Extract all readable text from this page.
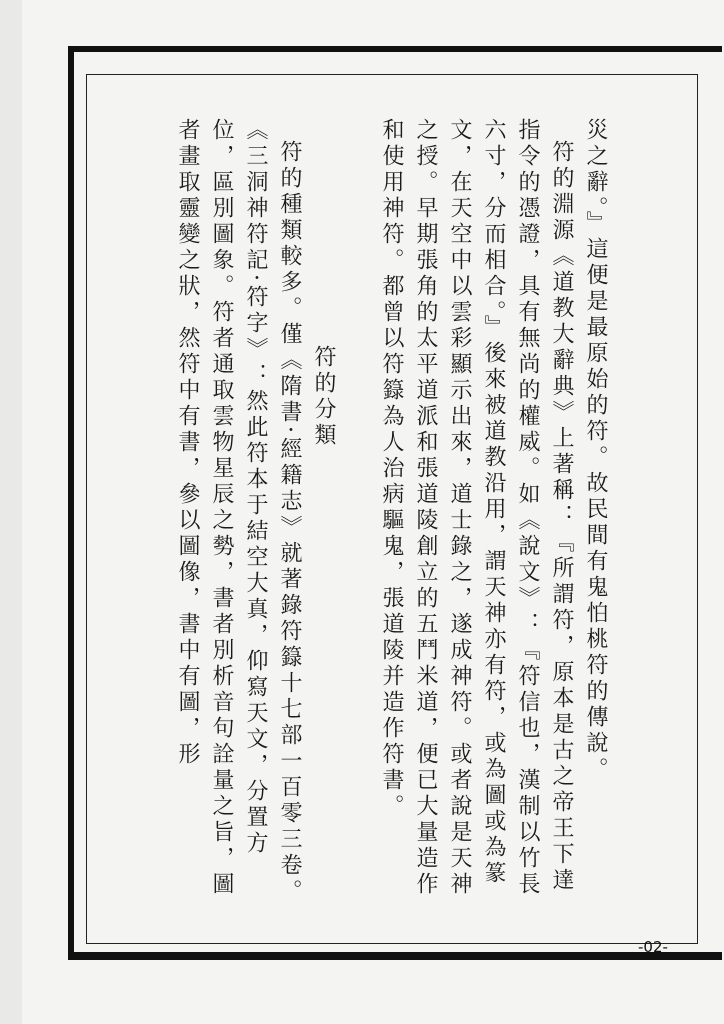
災之辭。』這便是最原始的符。故民間有鬼怕桃符的傳說。

符的淵源《道教大辭典》上著稱：『所謂符，原本是古之帝王下達指令的憑證，具有無尚的權威。如《說文》：『符信也，漢制以竹長六寸，分而相合。』後來被道教沿用，謂天神亦有符，或為圖或為篆文，在天空中以雲彩顯示出來，道士錄之，遂成神符。或者說是天神之授。早期張角的太平道派和張道陵創立的五鬥米道，便已大量造作和使用神符。都曾以符籙為人治病驅鬼，張道陵并造作符書。

符的分類

符的種類較多。僅《隋書·經籍志》就著錄符籙十七部一百零三卷。《三洞神符記·符字》：然此符本于結空大真，仰寫天文，分置方位，區別圖象。符者通取雲物星辰之勢，書者別析音句詮量之旨，圖者畫取靈變之狀，然符中有書，參以圖像，書中有圖，形

-02-
